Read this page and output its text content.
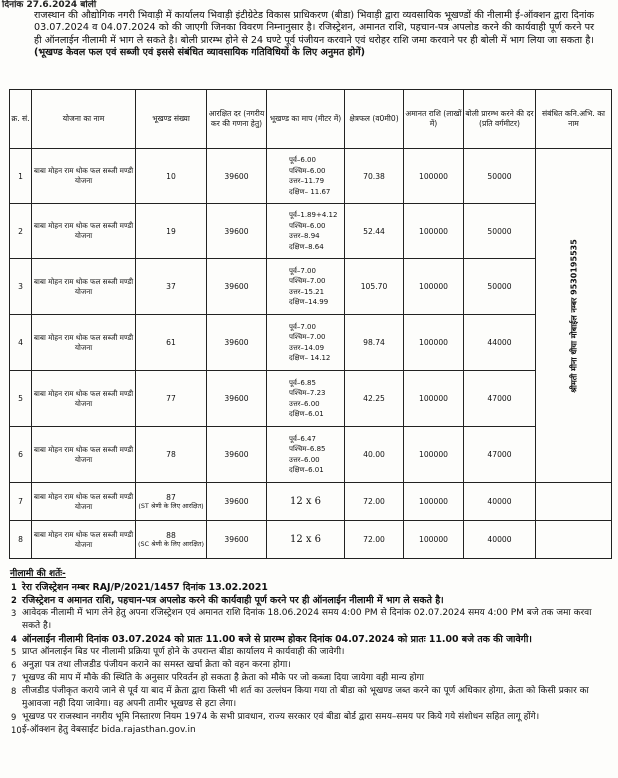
दिनांक 27.6.2024 बोली

राजस्थान की औद्योगिक नगरी भिवाड़ी में कार्यालय भिवाड़ी इंटीग्रेटेड विकास प्राधिकरण (बीडा) भिवाड़ी द्वारा व्यवसायिक भूखण्डों की नीलामी ई-ऑक्शन द्वारा दिनांक 03.07.2024 व 04.07.2024 को की जाएगी जिनका विवरण निम्नानुसार है। रजिस्ट्रेशन, अमानत राशि, पहचान-पत्र अपलोड करने की कार्यवाही पूर्ण करने पर ही ऑनलाईन नीलामी में भाग ले सकते है। बोली प्रारम्भ होने से 24 घण्टे पूर्व पंजीयन करवाने एवं धरोहर राशि जमा करवाने पर ही बोली में भाग लिया जा सकता है। (भूखण्ड केवल फल एवं सब्जी एवं इससे संबंधित व्यावसायिक गतिविधियों के लिए अनुमत होगें)

क्र. सं.	योजना का नाम	भूखण्ड संख्या	आरक्षित दर (नगरीय कर की गणना हेतु)	भूखण्ड का माप (मीटर में)	क्षेत्रफल (व0मी0)	अमानत राशि (लाखों में)	बोली प्रारम्भ करने की दर (प्रति वर्गमीटर)	संबंधित कनि.अभि. का नाम
1	बाबा मोहन राम थोक फल सब्जी मण्डी योजना	10	39600	पूर्व–6.00
पश्चिम–6.00
उत्तर–11.79
दक्षिण– 11.67	70.38	100000	50000	श्रीमती मीना धीया मोबाईल नम्बर 9530195535

2	बाबा मोहन राम थोक फल सब्जी मण्डी योजना	19	39600	पूर्व–1.89+4.12
पश्चिम–6.00
उत्तर–8.94
दक्षिण–8.64	52.44	100000	50000	
3	बाबा मोहन राम थोक फल सब्जी मण्डी योजना	37	39600	पूर्व–7.00
पश्चिम–7.00
उत्तर–15.21
दक्षिण–14.99	105.70	100000	50000	
4	बाबा मोहन राम थोक फल सब्जी मण्डी योजना	61	39600	पूर्व–7.00
पश्चिम–7.00
उत्तर–14.09
दक्षिण– 14.12	98.74	100000	44000	
5	बाबा मोहन राम थोक फल सब्जी मण्डी योजना	77	39600	पूर्व–6.85
पश्चिम–7.23
उत्तर–6.00
दक्षिण–6.01	42.25	100000	47000	
6	बाबा मोहन राम थोक फल सब्जी मण्डी योजना	78	39600	पूर्व–6.47
पश्चिम–6.85
उत्तर–6.00
दक्षिण–6.01	40.00	100000	47000	
7	बाबा मोहन राम थोक फल सब्जी मण्डी योजना	87
(ST श्रेणी के लिए आरक्षित)	39600	12 x 6	72.00	100000	40000	
8	बाबा मोहन राम थोक फल सब्जी मण्डी योजना	88
(SC श्रेणी के लिए आरक्षित)	39600	12 x 6	72.00	100000	40000	
नीलामी की शर्तेः-
1 रेरा रजिस्ट्रेशन नम्बर RAJ/P/2021/1457 दिनांक 13.02.2021
2 रजिस्ट्रेशन व अमानत राशि, पहचान-पत्र अपलोड करने की कार्यवाही पूर्ण करने पर ही ऑनलाईन नीलामी में भाग ले सकते है।
3 आवेदक नीलामी में भाग लेने हेतु अपना रजिस्ट्रेशन एवं अमानत राशि दिनांक 18.06.2024 समय 4:00 PM से दिनांक 02.07.2024 समय 4:00 PM बजे तक जमा करवा सकते है।
4 ऑनलाईन नीलामी दिनांक 03.07.2024 को प्रातः 11.00 बजे से प्रारम्भ होकर दिनांक 04.07.2024 को प्रातः 11.00 बजे तक की जावेगी।
5 प्राप्त ऑनलाईन बिड पर नीलामी प्रक्रिया पूर्ण होने के उपरान्त बीडा कार्यालय मे कार्यवाही की जावेगी।
6 अनुज्ञा पत्र तथा लीजडीड पंजीयन कराने का समस्त खर्चा क्रेता को वहन करना होगा।
7 भूखण्ड की माप में मौके की स्थिति के अनुसार परिवर्तन हो सकता है क्रेता को मौके पर जो कब्जा दिया जायेगा वही मान्य होगा
8 लीजडीड पंजीकृत कराये जाने से पूर्व या बाद में क्रेता द्वारा किसी भी शर्त का उल्लंघन किया गया तो बीडा को भूखण्ड जब्त करने का पूर्ण अधिकार होगा, क्रेता को किसी प्रकार का मुआवजा नही दिया जावेगा। वह अपनी तामीर भूखण्ड से हटा लेगा।
9 भूखण्ड पर राजस्थान नगरीय भूमि निस्तारण नियम 1974 के सभी प्रावधान, राज्य सरकार एवं बीडा बोर्ड द्वारा समय–समय पर किये गये संशोधन सहित लागू होंगे।
10 ई-ऑक्शन हेतु वेबसाईट bida.rajasthan.gov.in
